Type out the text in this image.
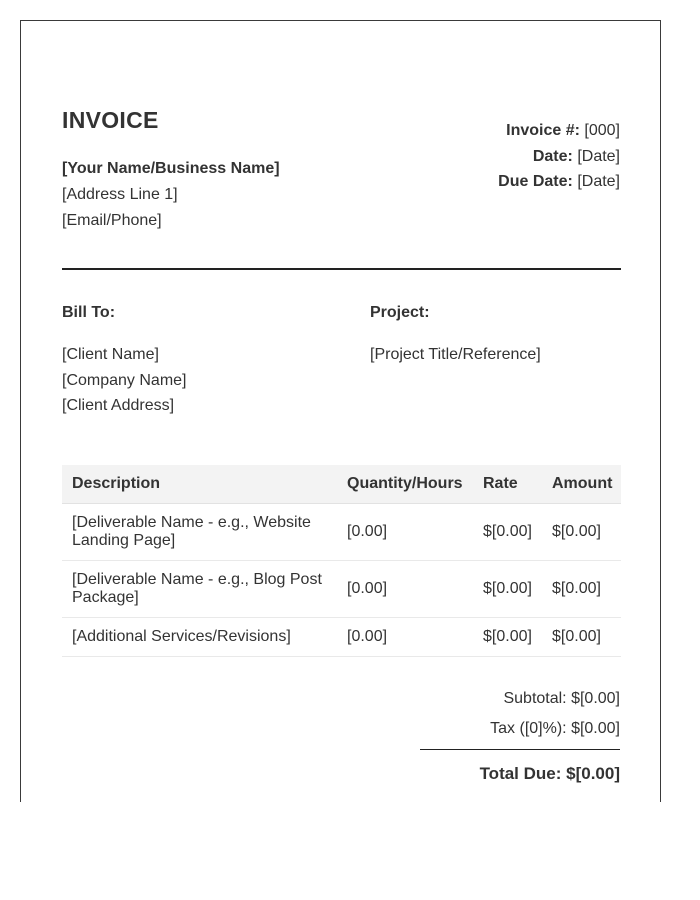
INVOICE
[Your Name/Business Name]
[Address Line 1]
[Email/Phone]
Invoice #: [000]
Date: [Date]
Due Date: [Date]
Bill To:
[Client Name]
[Company Name]
[Client Address]
Project:
[Project Title/Reference]
Description	Quantity/Hours	Rate	Amount
[Deliverable Name - e.g., Website Landing Page]	[0.00]	$[0.00]	$[0.00]
[Deliverable Name - e.g., Blog Post Package]	[0.00]	$[0.00]	$[0.00]
[Additional Services/Revisions]	[0.00]	$[0.00]	$[0.00]
Subtotal: $[0.00]
Tax ([0]%): $[0.00]
Total Due: $[0.00]
